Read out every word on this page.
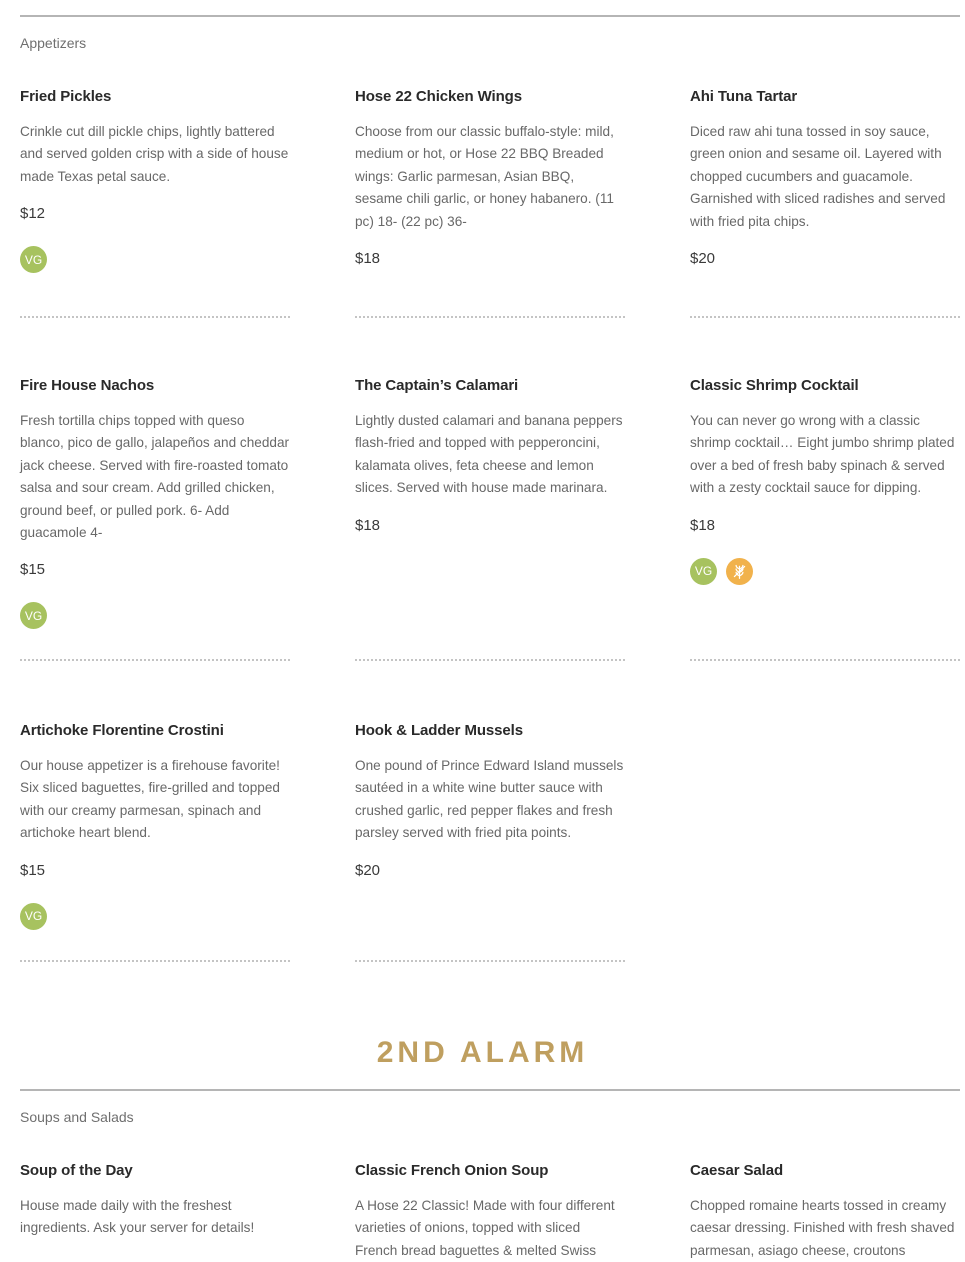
Appetizers
Fried Pickles
Crinkle cut dill pickle chips, lightly battered and served golden crisp with a side of house made Texas petal sauce.
$12
VG
Hose 22 Chicken Wings
Choose from our classic buffalo-style: mild, medium or hot, or Hose 22 BBQ Breaded wings: Garlic parmesan, Asian BBQ, sesame chili garlic, or honey habanero. (11 pc) 18- (22 pc) 36-
$18
Ahi Tuna Tartar
Diced raw ahi tuna tossed in soy sauce, green onion and sesame oil. Layered with chopped cucumbers and guacamole. Garnished with sliced radishes and served with fried pita chips.
$20
Fire House Nachos
Fresh tortilla chips topped with queso blanco, pico de gallo, jalapeños and cheddar jack cheese. Served with fire-roasted tomato salsa and sour cream. Add grilled chicken, ground beef, or pulled pork. 6- Add guacamole 4-
$15
VG
The Captain’s Calamari
Lightly dusted calamari and banana peppers flash-fried and topped with pepperoncini, kalamata olives, feta cheese and lemon slices. Served with house made marinara.
$18
Classic Shrimp Cocktail
You can never go wrong with a classic shrimp cocktail… Eight jumbo shrimp plated over a bed of fresh baby spinach & served with a zesty cocktail sauce for dipping.
$18
VG
Artichoke Florentine Crostini
Our house appetizer is a firehouse favorite! Six sliced baguettes, fire-grilled and topped with our creamy parmesan, spinach and artichoke heart blend.
$15
VG
Hook & Ladder Mussels
One pound of Prince Edward Island mussels sautéed in a white wine butter sauce with crushed garlic, red pepper flakes and fresh parsley served with fried pita points.
$20
2ND ALARM
Soups and Salads
Soup of the Day
House made daily with the freshest ingredients. Ask your server for details!
Classic French Onion Soup
A Hose 22 Classic! Made with four different varieties of onions, topped with sliced French bread baguettes & melted Swiss
Caesar Salad
Chopped romaine hearts tossed in creamy caesar dressing. Finished with fresh shaved parmesan, asiago cheese, croutons
